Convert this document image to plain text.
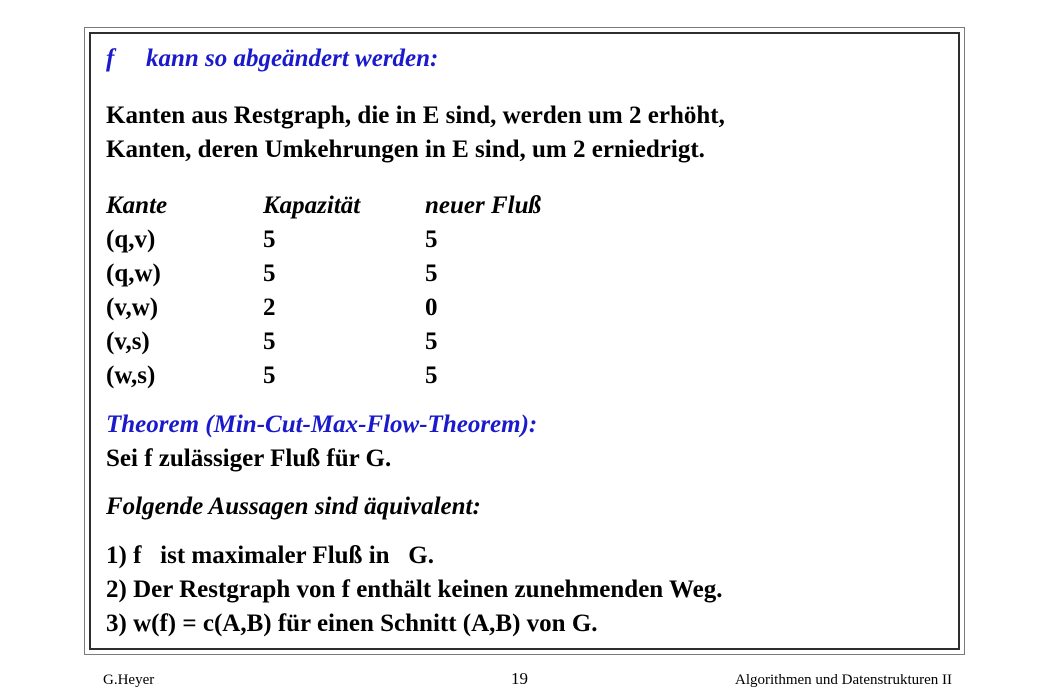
f kann so abgeändert werden:
Kanten aus Restgraph, die in E sind, werden um 2 erhöht,
Kanten, deren Umkehrungen in E sind, um 2 erniedrigt.
Kante	Kapazität	neuer Fluß
(q,v)	5	5
(q,w)	5	5
(v,w)	2	0
(v,s)	5	5
(w,s)	5	5
Theorem (Min-Cut-Max-Flow-Theorem):
Sei f zulässiger Fluß für G.
Folgende Aussagen sind äquivalent:
1) f   ist maximaler Fluß in   G.
2) Der Restgraph von f enthält keinen zunehmenden Weg.
3) w(f) = c(A,B) für einen Schnitt (A,B) von G.
G.Heyer	19	Algorithmen und Datenstrukturen II
